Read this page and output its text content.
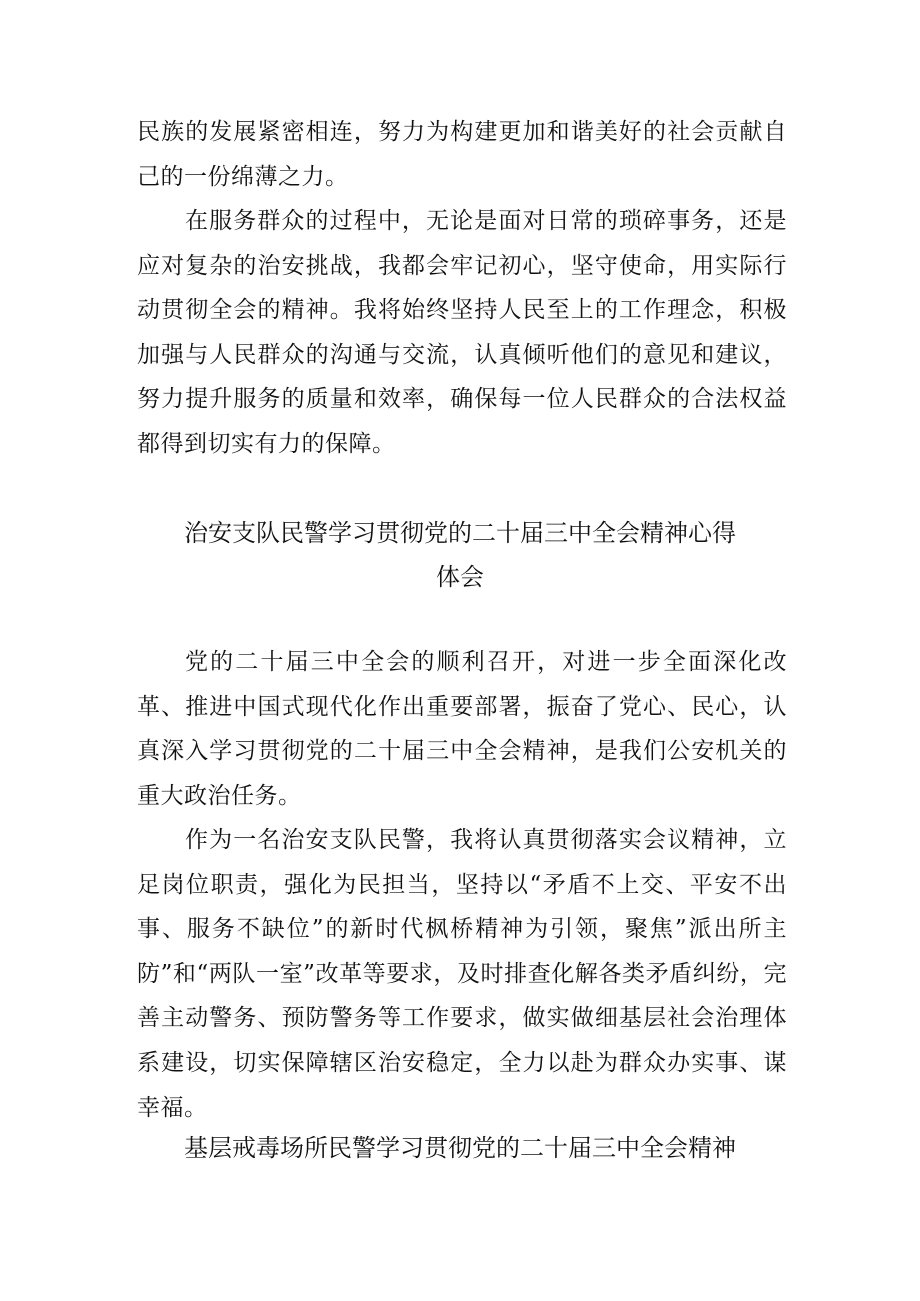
民族的发展紧密相连，努力为构建更加和谐美好的社会贡献自己的一份绵薄之力。

在服务群众的过程中，无论是面对日常的琐碎事务，还是应对复杂的治安挑战，我都会牢记初心，坚守使命，用实际行动贯彻全会的精神。我将始终坚持人民至上的工作理念，积极加强与人民群众的沟通与交流，认真倾听他们的意见和建议，努力提升服务的质量和效率，确保每一位人民群众的合法权益都得到切实有力的保障。

治安支队民警学习贯彻党的二十届三中全会精神心得
体会

党的二十届三中全会的顺利召开，对进一步全面深化改革、推进中国式现代化作出重要部署，振奋了党心、民心，认真深入学习贯彻党的二十届三中全会精神，是我们公安机关的重大政治任务。

作为一名治安支队民警，我将认真贯彻落实会议精神，立足岗位职责，强化为民担当，坚持以“矛盾不上交、平安不出事、服务不缺位”的新时代枫桥精神为引领，聚焦”派出所主防”和“两队一室”改革等要求，及时排查化解各类矛盾纠纷，完善主动警务、预防警务等工作要求，做实做细基层社会治理体系建设，切实保障辖区治安稳定，全力以赴为群众办实事、谋幸福。

基层戒毒场所民警学习贯彻党的二十届三中全会精神
